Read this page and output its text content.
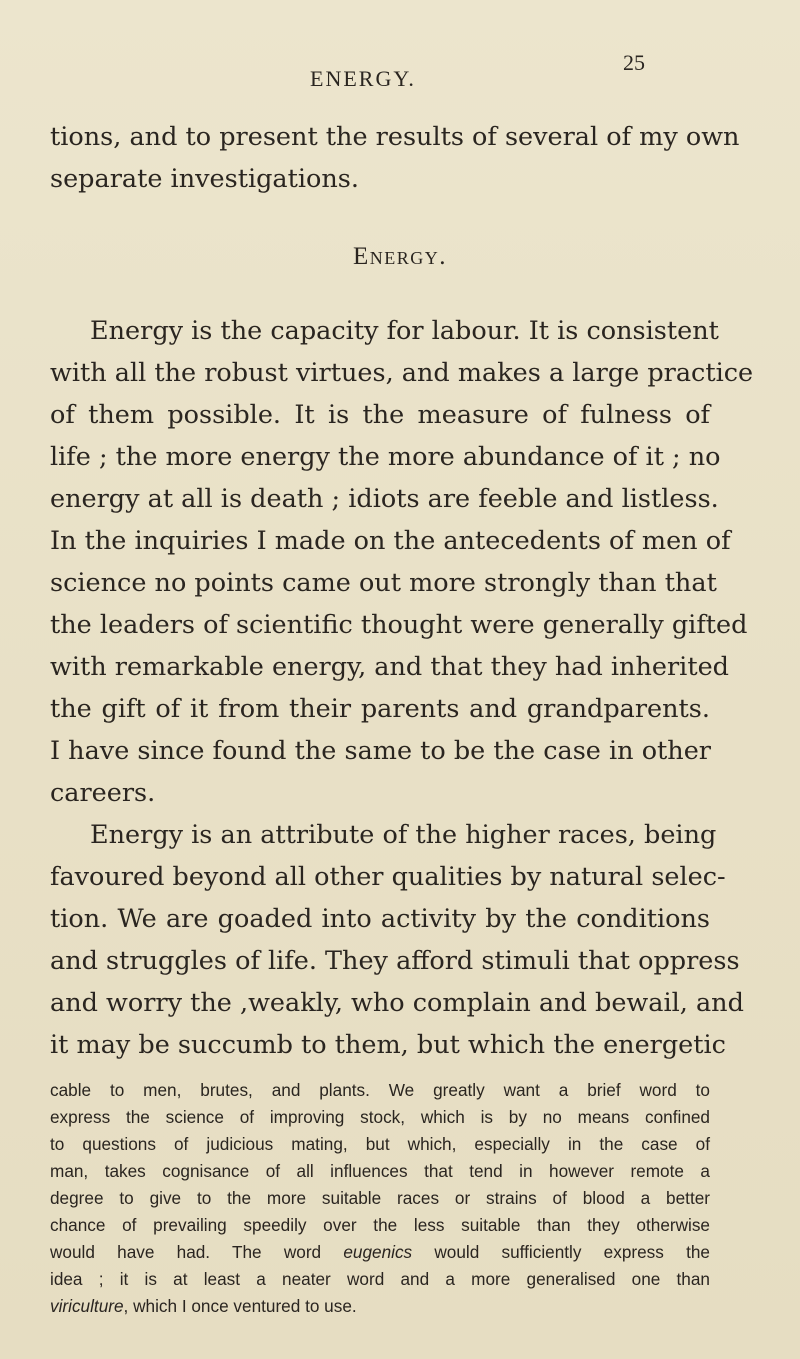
ENERGY.
25
tions, and to present the results of several of my own
separate investigations.
Energy.
Energy is the capacity for labour. It is consistent
with all the robust virtues, and makes a large practice
of them possible. It is the measure of fulness of
life ; the more energy the more abundance of it ; no
energy at all is death ; idiots are feeble and listless.
In the inquiries I made on the antecedents of men of
science no points came out more strongly than that
the leaders of scientific thought were generally gifted
with remarkable energy, and that they had inherited
the gift of it from their parents and grandparents.
I have since found the same to be the case in other
careers.
Energy is an attribute of the higher races, being
favoured beyond all other qualities by natural selec-
tion. We are goaded into activity by the conditions
and struggles of life. They afford stimuli that oppress
and worry the ,weakly, who complain and bewail, and
it may be succumb to them, but which the energetic
cable to men, brutes, and plants. We greatly want a brief word to
express the science of improving stock, which is by no means confined
to questions of judicious mating, but which, especially in the case of
man, takes cognisance of all influences that tend in however remote a
degree to give to the more suitable races or strains of blood a better
chance of prevailing speedily over the less suitable than they otherwise
would have had. The word eugenics would sufficiently express the
idea ; it is at least a neater word and a more generalised one than
viriculture, which I once ventured to use.
